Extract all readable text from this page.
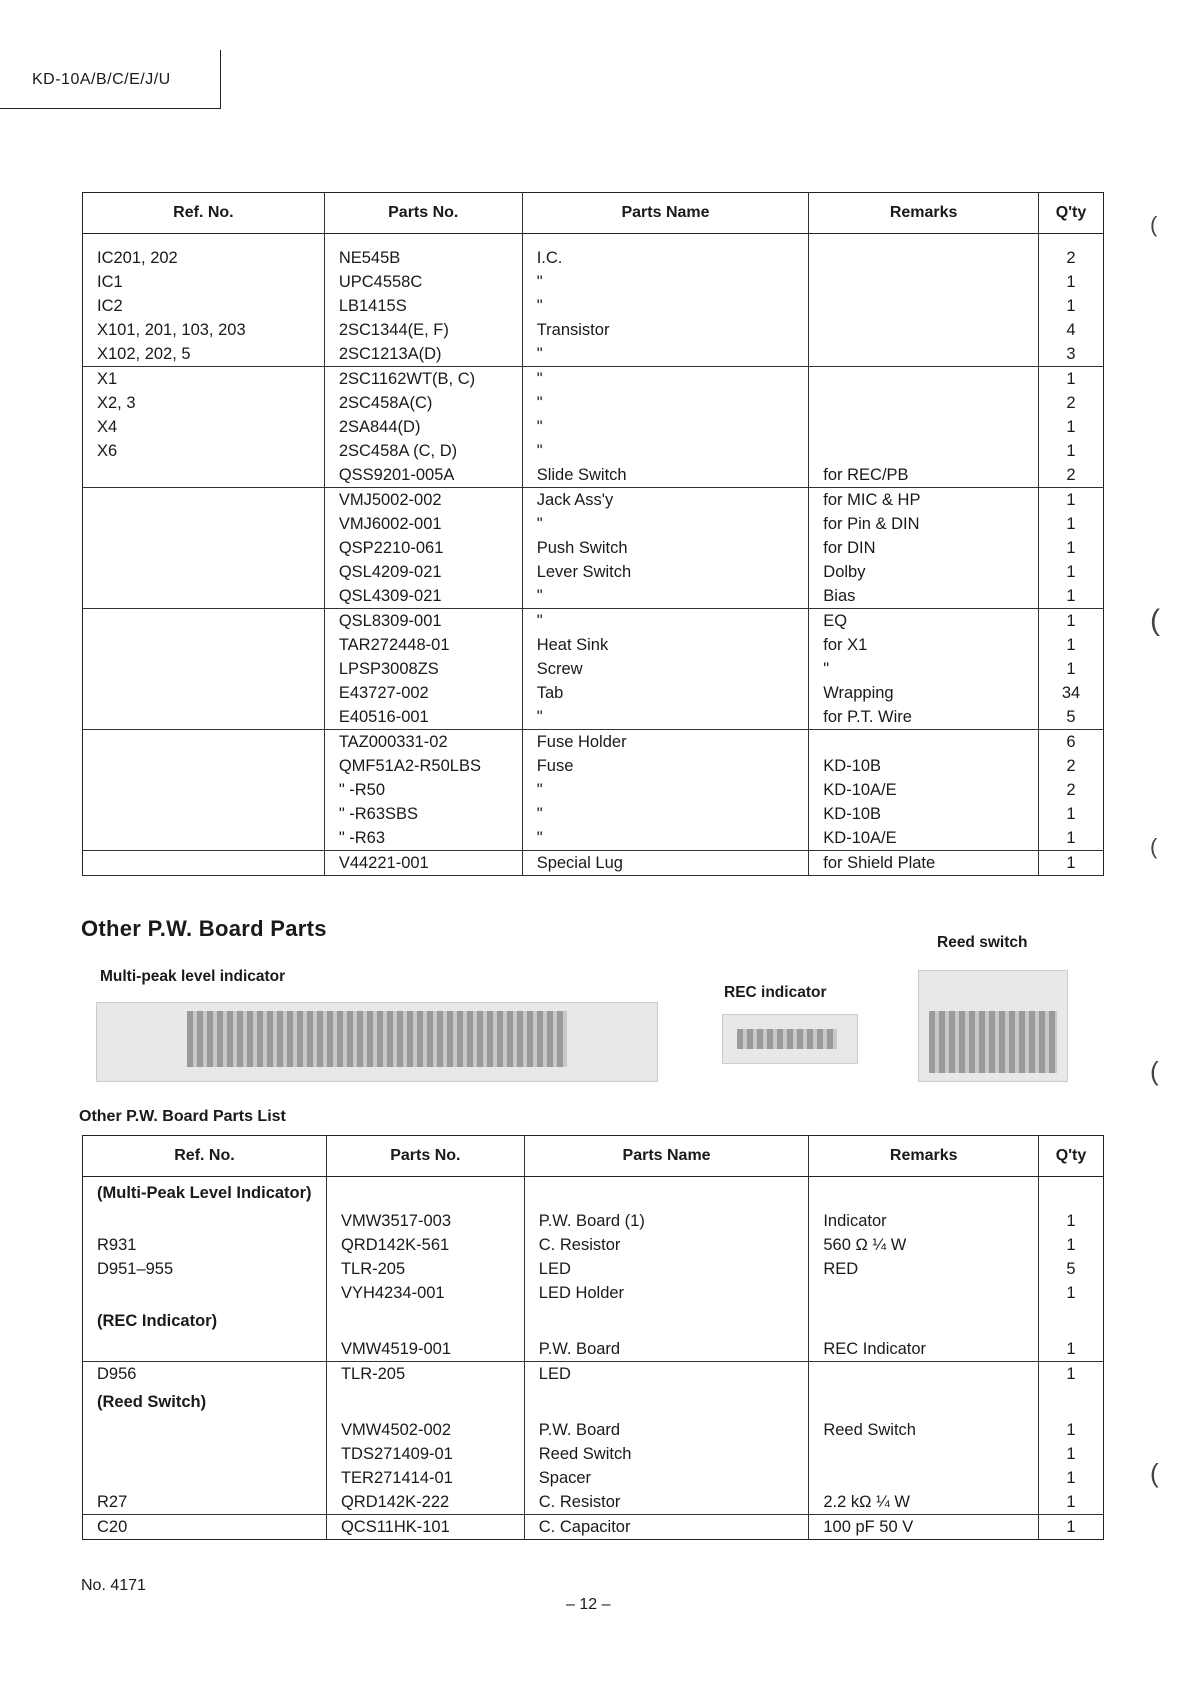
KD-10A/B/C/E/J/U
Ref. No.	Parts No.	Parts Name	Remarks	Q'ty

IC201, 202	NE545B	I.C.		2
IC1	UPC4558C	"		1
IC2	LB1415S	"		1
X101, 201, 103, 203	2SC1344(E, F)	Transistor		4
X102, 202, 5	2SC1213A(D)	"		3
X1	2SC1162WT(B, C)	"		1
X2, 3	2SC458A(C)	"		2
X4	2SA844(D)	"		1
X6	2SC458A (C, D)	"		1
	QSS9201-005A	Slide Switch	for REC/PB	2
	VMJ5002-002	Jack Ass'y	for MIC & HP	1
	VMJ6002-001	"	for Pin & DIN	1
	QSP2210-061	Push Switch	for DIN	1
	QSL4209-021	Lever Switch	Dolby	1
	QSL4309-021	"	Bias	1
	QSL8309-001	"	EQ	1
	TAR272448-01	Heat Sink	for X1	1
	LPSP3008ZS	Screw	"	1
	E43727-002	Tab	Wrapping	34
	E40516-001	"	for P.T. Wire	5
	TAZ000331-02	Fuse Holder		6
	QMF51A2-R50LBS	Fuse	KD-10B	2
	" -R50	"	KD-10A/E	2
	" -R63SBS	"	KD-10B	1
	" -R63	"	KD-10A/E	1
	V44221-001	Special Lug	for Shield Plate	1
Other P.W. Board Parts
Multi-peak level indicator
REC indicator
Reed switch
Other P.W. Board Parts List
Ref. No.	Parts No.	Parts Name	Remarks	Q'ty
(Multi-Peak Level Indicator)				
	VMW3517-003	P.W. Board (1)	Indicator	1
R931	QRD142K-561	C. Resistor	560 Ω ¼ W	1
D951–955	TLR-205	LED	RED	5
	VYH4234-001	LED Holder		1
(REC Indicator)				
	VMW4519-001	P.W. Board	REC Indicator	1
D956	TLR-205	LED		1
(Reed Switch)				
	VMW4502-002	P.W. Board	Reed Switch	1
	TDS271409-01	Reed Switch		1
	TER271414-01	Spacer		1
R27	QRD142K-222	C. Resistor	2.2 kΩ ¼ W	1
C20	QCS11HK-101	C. Capacitor	100 pF 50 V	1
No. 4171
– 12 –
(
(
(
(
(
